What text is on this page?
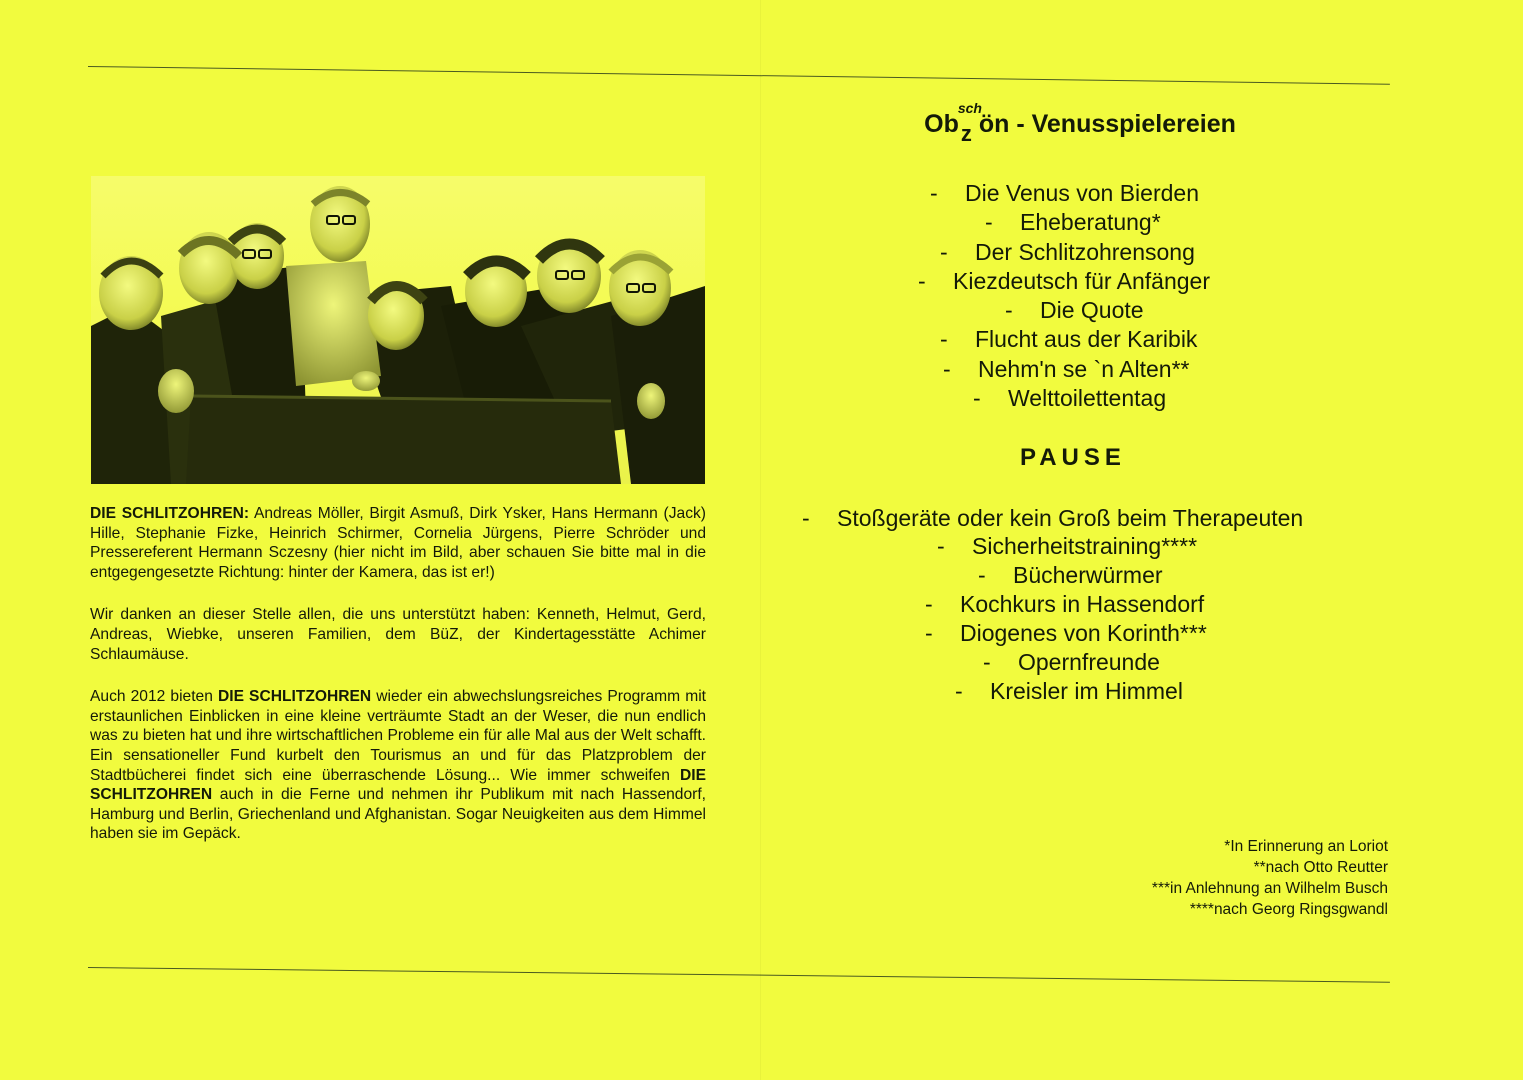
DIE SCHLITZOHREN: Andreas Möller, Birgit Asmuß, Dirk Ysker, Hans Hermann (Jack) Hille, Stephanie Fizke, Heinrich Schirmer, Cornelia Jürgens, Pierre Schröder und Pressereferent Hermann Sczesny (hier nicht im Bild, aber schauen Sie bitte mal in die entgegengesetzte Richtung: hinter der Kamera, das ist er!)

Wir danken an dieser Stelle allen, die uns unterstützt haben: Kenneth, Helmut, Gerd, Andreas, Wiebke, unseren Familien, dem BüZ, der Kindertagesstätte Achimer Schlaumäuse.

Auch 2012 bieten DIE SCHLITZOHREN wieder ein abwechslungsreiches Programm mit erstaunlichen Einblicken in eine kleine verträumte Stadt an der Weser, die nun endlich was zu bieten hat und ihre wirtschaftlichen Probleme ein für alle Mal aus der Welt schafft. Ein sensationeller Fund kurbelt den Tourismus an und für das Platzproblem der Stadtbücherei findet sich eine überraschende Lösung... Wie immer schweifen DIE SCHLITZOHREN auch in die Ferne und nehmen ihr Publikum mit nach Hassendorf, Hamburg und Berlin, Griechenland und Afghanistan. Sogar Neuigkeiten aus dem Himmel haben sie im Gepäck.

Ob
sch
z ön - Venusspielereien
- Die Venus von Bierden
- Eheberatung*
- Der Schlitzohrensong
- Kiezdeutsch für Anfänger
- Die Quote
- Flucht aus der Karibik
- Nehm'n se `n Alten**
- Welttoilettentag
PAUSE
- Stoßgeräte oder kein Groß beim Therapeuten
- Sicherheitstraining****
- Bücherwürmer
- Kochkurs in Hassendorf
- Diogenes von Korinth***
- Opernfreunde
- Kreisler im Himmel
*In Erinnerung an Loriot
**nach Otto Reutter
***in Anlehnung an Wilhelm Busch
****nach Georg Ringsgwandl
